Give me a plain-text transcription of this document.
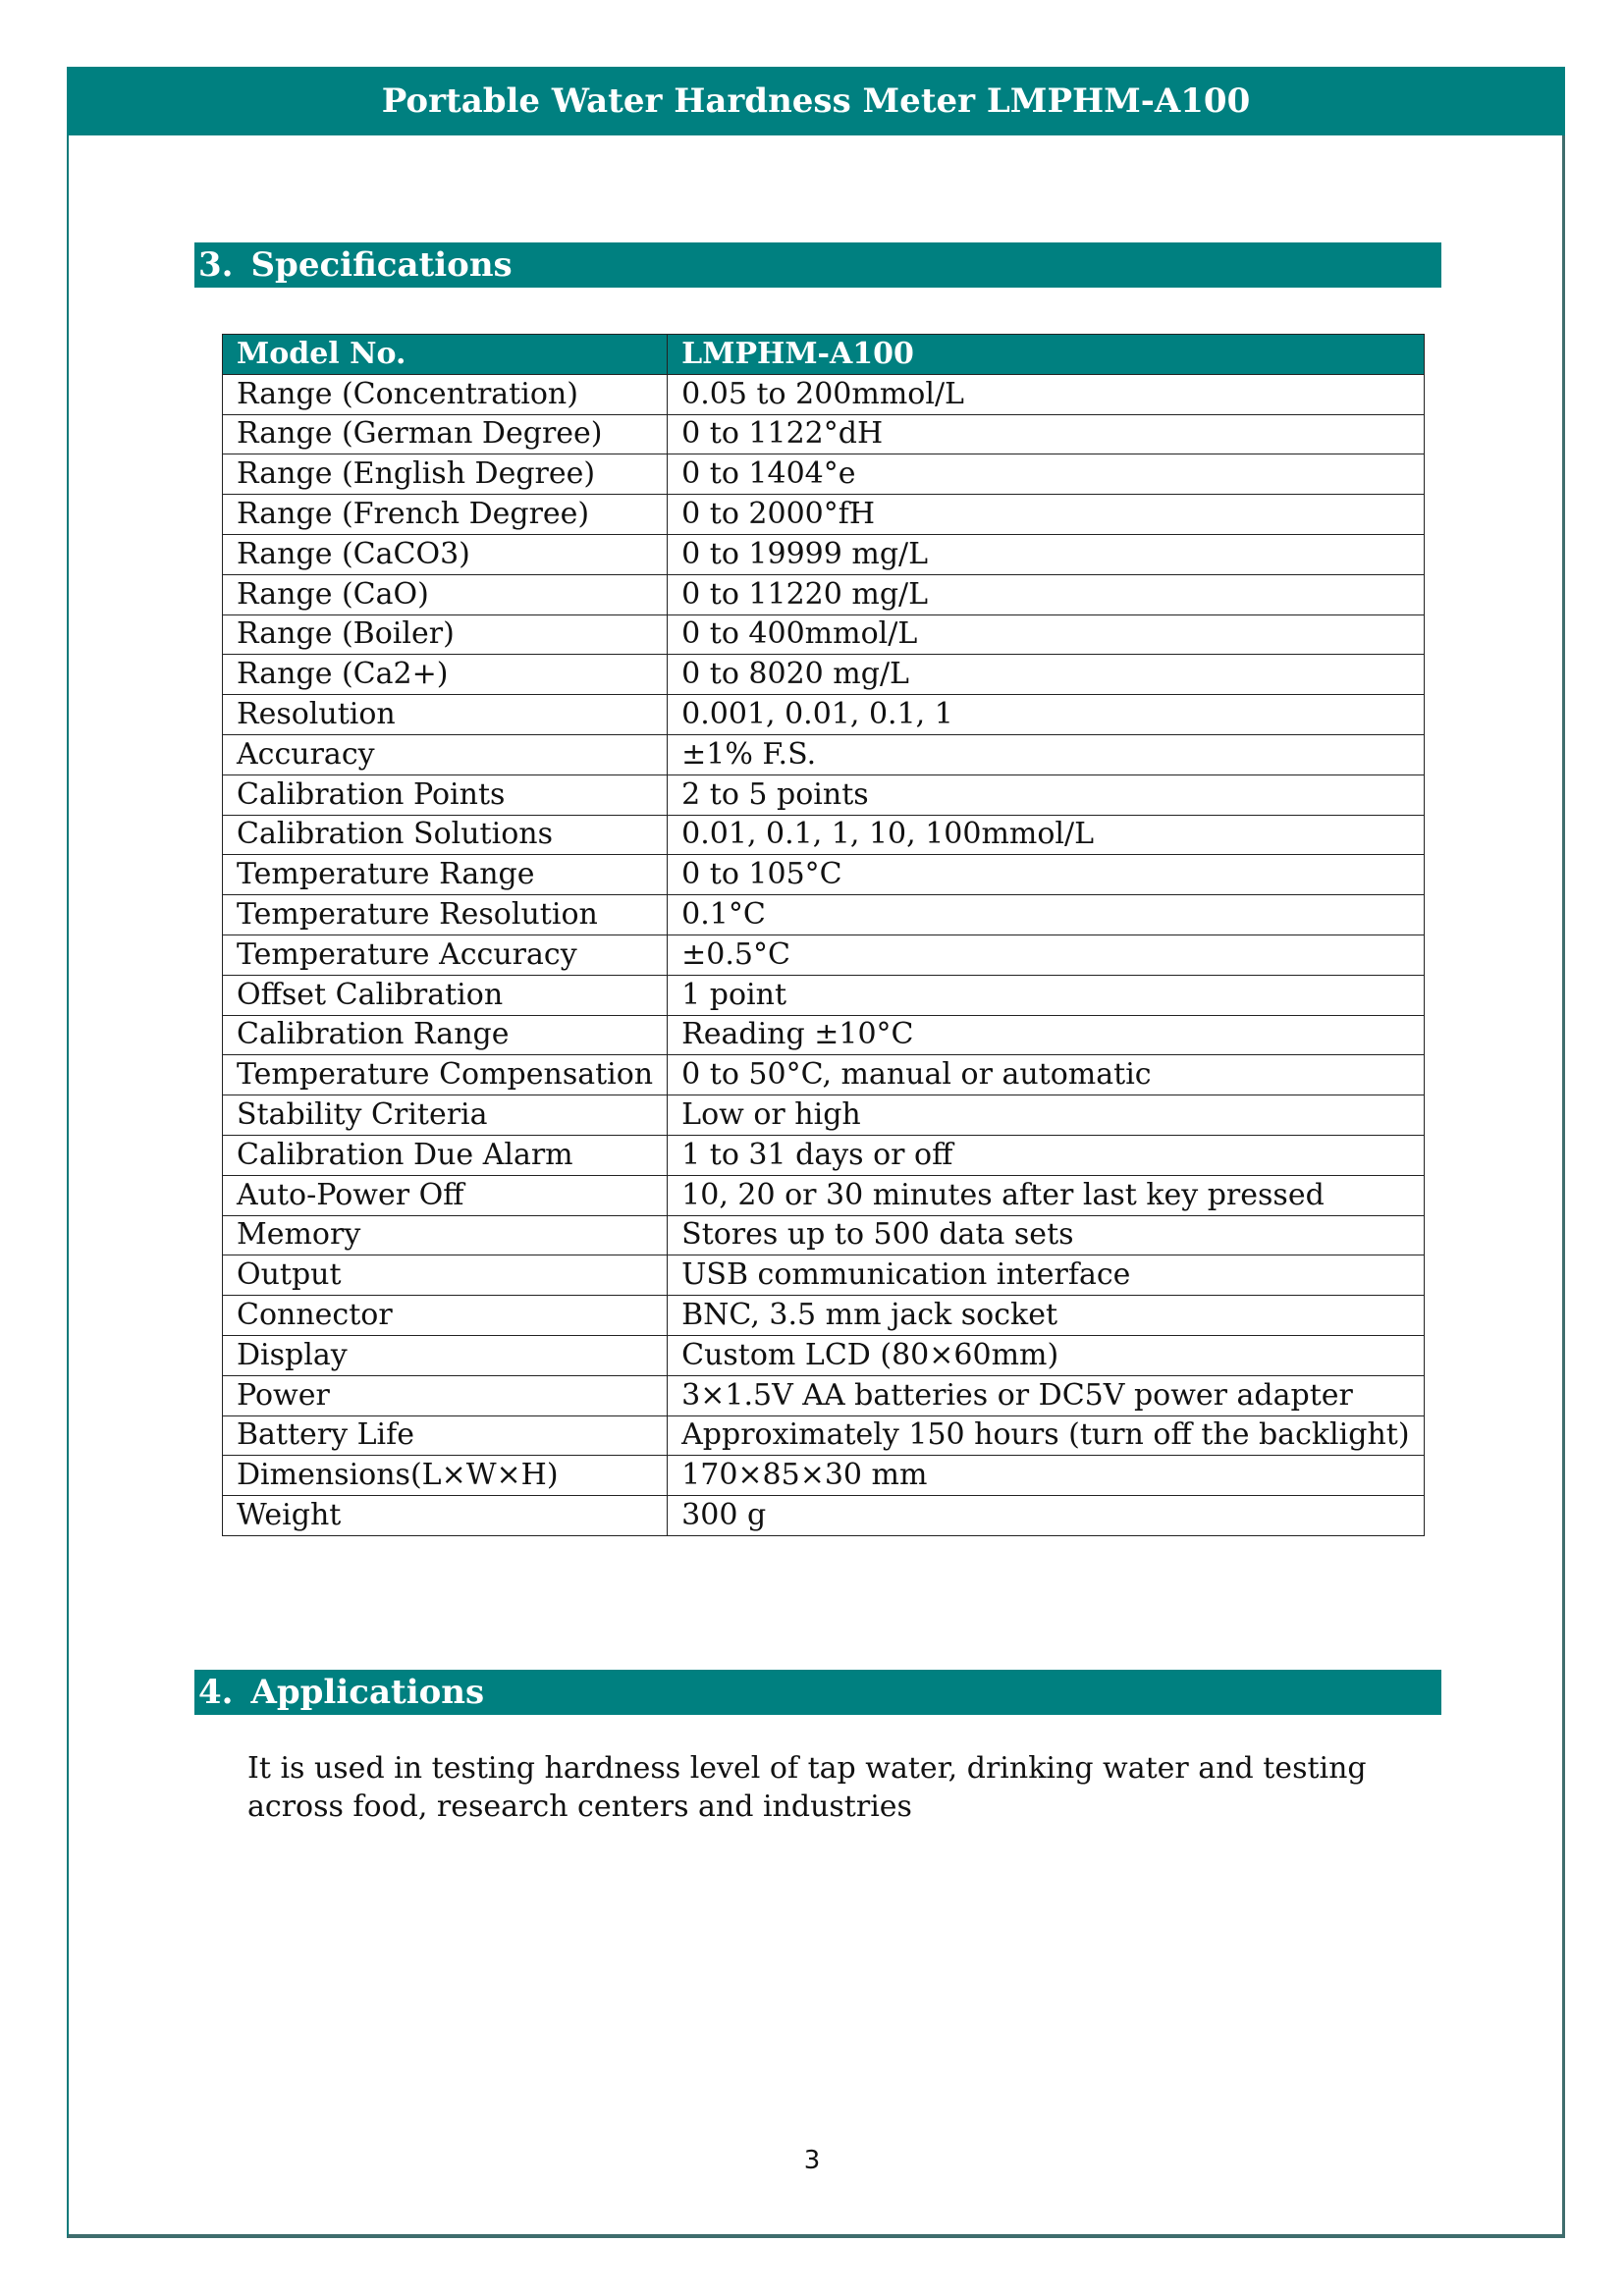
Portable Water Hardness Meter LMPHM-A100
3. Specifications
Model No.	LMPHM-A100
Range (Concentration)	0.05 to 200mmol/L
Range (German Degree)	0 to 1122°dH
Range (English Degree)	0 to 1404°e
Range (French Degree)	0 to 2000°fH
Range (CaCO3)	0 to 19999 mg/L
Range (CaO)	0 to 11220 mg/L
Range (Boiler)	0 to 400mmol/L
Range (Ca2+)	0 to 8020 mg/L
Resolution	0.001, 0.01, 0.1, 1
Accuracy	±1% F.S.
Calibration Points	2 to 5 points
Calibration Solutions	0.01, 0.1, 1, 10, 100mmol/L
Temperature Range	0 to 105°C
Temperature Resolution	0.1°C
Temperature Accuracy	±0.5°C
Offset Calibration	1 point
Calibration Range	Reading ±10°C
Temperature Compensation	0 to 50°C, manual or automatic
Stability Criteria	Low or high
Calibration Due Alarm	1 to 31 days or off
Auto-Power Off	10, 20 or 30 minutes after last key pressed
Memory	Stores up to 500 data sets
Output	USB communication interface
Connector	BNC, 3.5 mm jack socket
Display	Custom LCD (80×60mm)
Power	3×1.5V AA batteries or DC5V power adapter
Battery Life	Approximately 150 hours (turn off the backlight)
Dimensions(L×W×H)	170×85×30 mm
Weight	300 g
4. Applications
It is used in testing hardness level of tap water, drinking water and testing across food, research centers and industries
3
